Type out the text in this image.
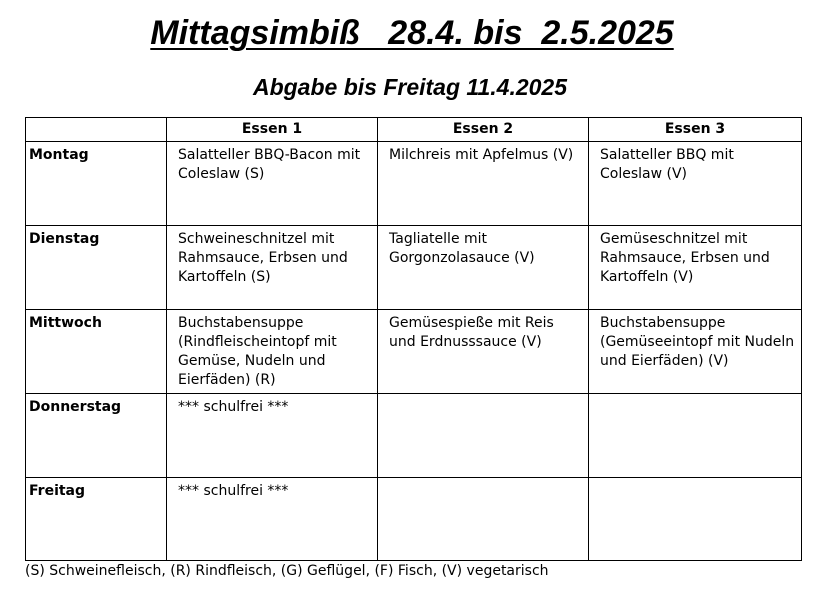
Mittagsimbiß   28.4. bis  2.5.2025
Abgabe bis Freitag 11.4.2025
	Essen 1	Essen 2	Essen 3
Montag	Salatteller BBQ-Bacon mit Coleslaw (S)	Milchreis mit Apfelmus (V)	Salatteller BBQ mit Coleslaw (V)
Dienstag	Schweineschnitzel mit Rahmsauce, Erbsen und Kartoffeln (S)	Tagliatelle mit Gorgonzolasauce (V)	Gemüseschnitzel mit Rahmsauce, Erbsen und Kartoffeln (V)
Mittwoch	Buchstabensuppe (Rindfleischeintopf mit Gemüse, Nudeln und Eierfäden) (R)	Gemüsespieße mit Reis und Erdnusssauce (V)	Buchstabensuppe (Gemüseeintopf mit Nudeln und Eierfäden) (V)
Donnerstag	*** schulfrei ***		
Freitag	*** schulfrei ***		

(S) Schweinefleisch, (R) Rindfleisch, (G) Geflügel, (F) Fisch, (V) vegetarisch
